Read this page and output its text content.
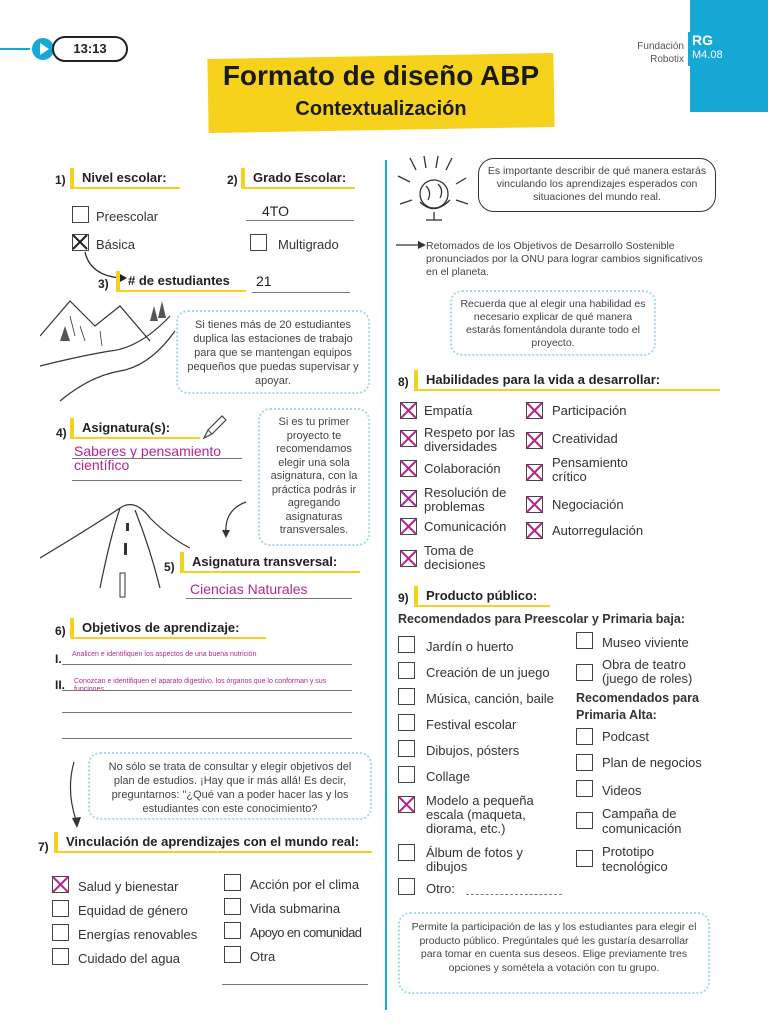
13:13	Fundación
Robotix
RG
M4.08
Formato de diseño ABP
Contextualización
1)	Nivel escolar:
Preescolar
Básica
2)	Grado Escolar:
4TO
Multigrado
3)	# de estudiantes	21
Si tienes más de 20 estudiantes duplica las estaciones de trabajo para que se mantengan equipos pequeños que puedas supervisar y apoyar.
4)	Asignatura(s):
Saberes y pensamiento científico
Si es tu primer proyecto te recomendamos elegir una sola asignatura, con la práctica podrás ir agregando asignaturas transversales.
5)	Asignatura transversal:
Ciencias Naturales
6)	Objetivos de aprendizaje:
I. Analicen e identifiquen los aspectos de una buena nutrición
II. Conozcan e identifiquen el aparato digestivo, los órganos que lo conforman y sus funciones
No sólo se trata de consultar y elegir objetivos del plan de estudios. ¡Hay que ir más allá! Es decir, preguntarnos: "¿Qué van a poder hacer las y los estudiantes con este conocimiento?
7)	Vinculación de aprendizajes con el mundo real:
Salud y bienestar
Equidad de género
Energías renovables
Cuidado del agua
Acción por el clima
Vida submarina
Apoyo en comunidad
Otra
Es importante describir de qué manera estarás vinculando los aprendizajes esperados con situaciones del mundo real.
Retomados de los Objetivos de Desarrollo Sostenible pronunciados por la ONU para lograr cambios significativos en el planeta.
Recuerda que al elegir una habilidad es necesario explicar de qué manera estarás fomentándola durante todo el proyecto.
8)	Habilidades para la vida a desarrollar:
Empatía
Respeto por las diversidades
Colaboración
Resolución de problemas
Comunicación
Toma de decisiones
Participación
Creatividad
Pensamiento crítico
Negociación
Autorregulación
9)	Producto público:
Recomendados para Preescolar y Primaria baja:
Jardín o huerto
Creación de un juego
Música, canción, baile
Festival escolar
Dibujos, pósters
Collage
Modelo a pequeña escala (maqueta, diorama, etc.)
Álbum de fotos y dibujos
Otro:
Museo viviente
Obra de teatro (juego de roles)
Recomendados para Primaria Alta:
Podcast
Plan de negocios
Videos
Campaña de comunicación
Prototipo tecnológico
Permite la participación de las y los estudiantes para elegir el producto público. Pregúntales qué les gustaría desarrollar para tomar en cuenta sus deseos. Elige previamente tres opciones y sométela a votación con tu grupo.
